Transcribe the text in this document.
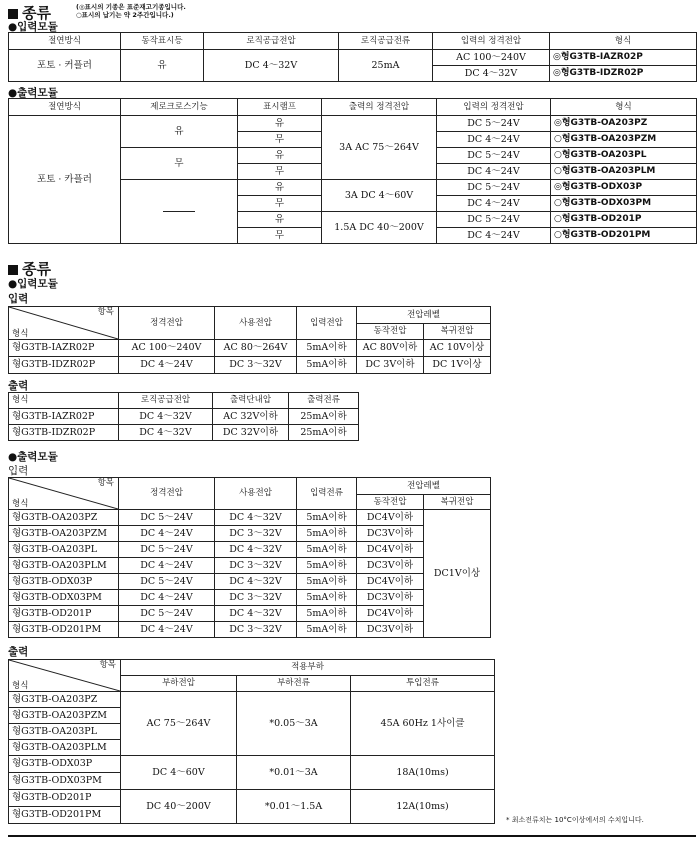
종류	(◎표시의 기종은 표준재고기종입니다.
○표시의 납기는 약 2주간입니다.)
●입력모듈
절연방식	동작표시등	로직공급전압	로직공급전류	입력의 정격전압	형식
포토 · 커플러	유	DC 4～32V	25mA	AC 100～240V	◎형G3TB-IAZR02P
				DC 4～32V	◎형G3TB-IDZR02P
●출력모듈
절연방식	제로크로스기능	표시램프	출력의 정격전압	입력의 정격전압	형식
포토 · 카플러	유	유	3A AC 75～264V	DC 5～24V	◎형G3TB-OA203PZ
		무		DC 4～24V	○형G3TB-OA203PZM
	무	유		DC 5～24V	○형G3TB-OA203PL
		무		DC 4～24V	○형G3TB-OA203PLM
		유	3A DC 4～60V	DC 5～24V	◎형G3TB-ODX03P
		무		DC 4～24V	○형G3TB-ODX03PM
		유	1.5A DC 40～200V	DC 5～24V	○형G3TB-OD201P
		무		DC 4～24V	○형G3TB-OD201PM
종류
●입력모듈
입력
항목
형식	정격전압	사용전압	입력전압	전압레벨	
				동작전압	복귀전압
형G3TB-IAZR02P	AC 100～240V	AC 80～264V	5mA이하	AC 80V이하	AC 10V이상
형G3TB-IDZR02P	DC 4～24V	DC 3～32V	5mA이하	DC 3V이하	DC 1V이상
출력
형식	로직공급전압	출력단내압	출력전류
형G3TB-IAZR02P	DC 4～32V	AC 32V이하	25mA이하
형G3TB-IDZR02P	DC 4～32V	DC 32V이하	25mA이하
●출력모듈
입력
항목
형식	정격전압	사용전압	입력전류	전압레벨	
				동작전압	복귀전압
형G3TB-OA203PZ	DC 5～24V	DC 4～32V	5mA이하	DC4V이하	DC1V이상
형G3TB-OA203PZM	DC 4～24V	DC 3～32V	5mA이하	DC3V이하	
형G3TB-OA203PL	DC 5～24V	DC 4～32V	5mA이하	DC4V이하	
형G3TB-OA203PLM	DC 4～24V	DC 3～32V	5mA이하	DC3V이하	
형G3TB-ODX03P	DC 5～24V	DC 4～32V	5mA이하	DC4V이하	
형G3TB-ODX03PM	DC 4～24V	DC 3～32V	5mA이하	DC3V이하	
형G3TB-OD201P	DC 5～24V	DC 4～32V	5mA이하	DC4V이하	
형G3TB-OD201PM	DC 4～24V	DC 3～32V	5mA이하	DC3V이하	
출력
항목
형식	적용부하		
	부하전압	부하전류	투입전류
형G3TB-OA203PZ	AC 75～264V	*0.05～3A	45A 60Hz 1사이클
형G3TB-OA203PZM			
형G3TB-OA203PL			
형G3TB-OA203PLM			
형G3TB-ODX03P	DC 4～60V	*0.01～3A	18A(10ms)
형G3TB-ODX03PM			
형G3TB-OD201P	DC 40～200V	*0.01～1.5A	12A(10ms)
형G3TB-OD201PM				* 최소전류치는 10°C이상에서의 수치입니다.
